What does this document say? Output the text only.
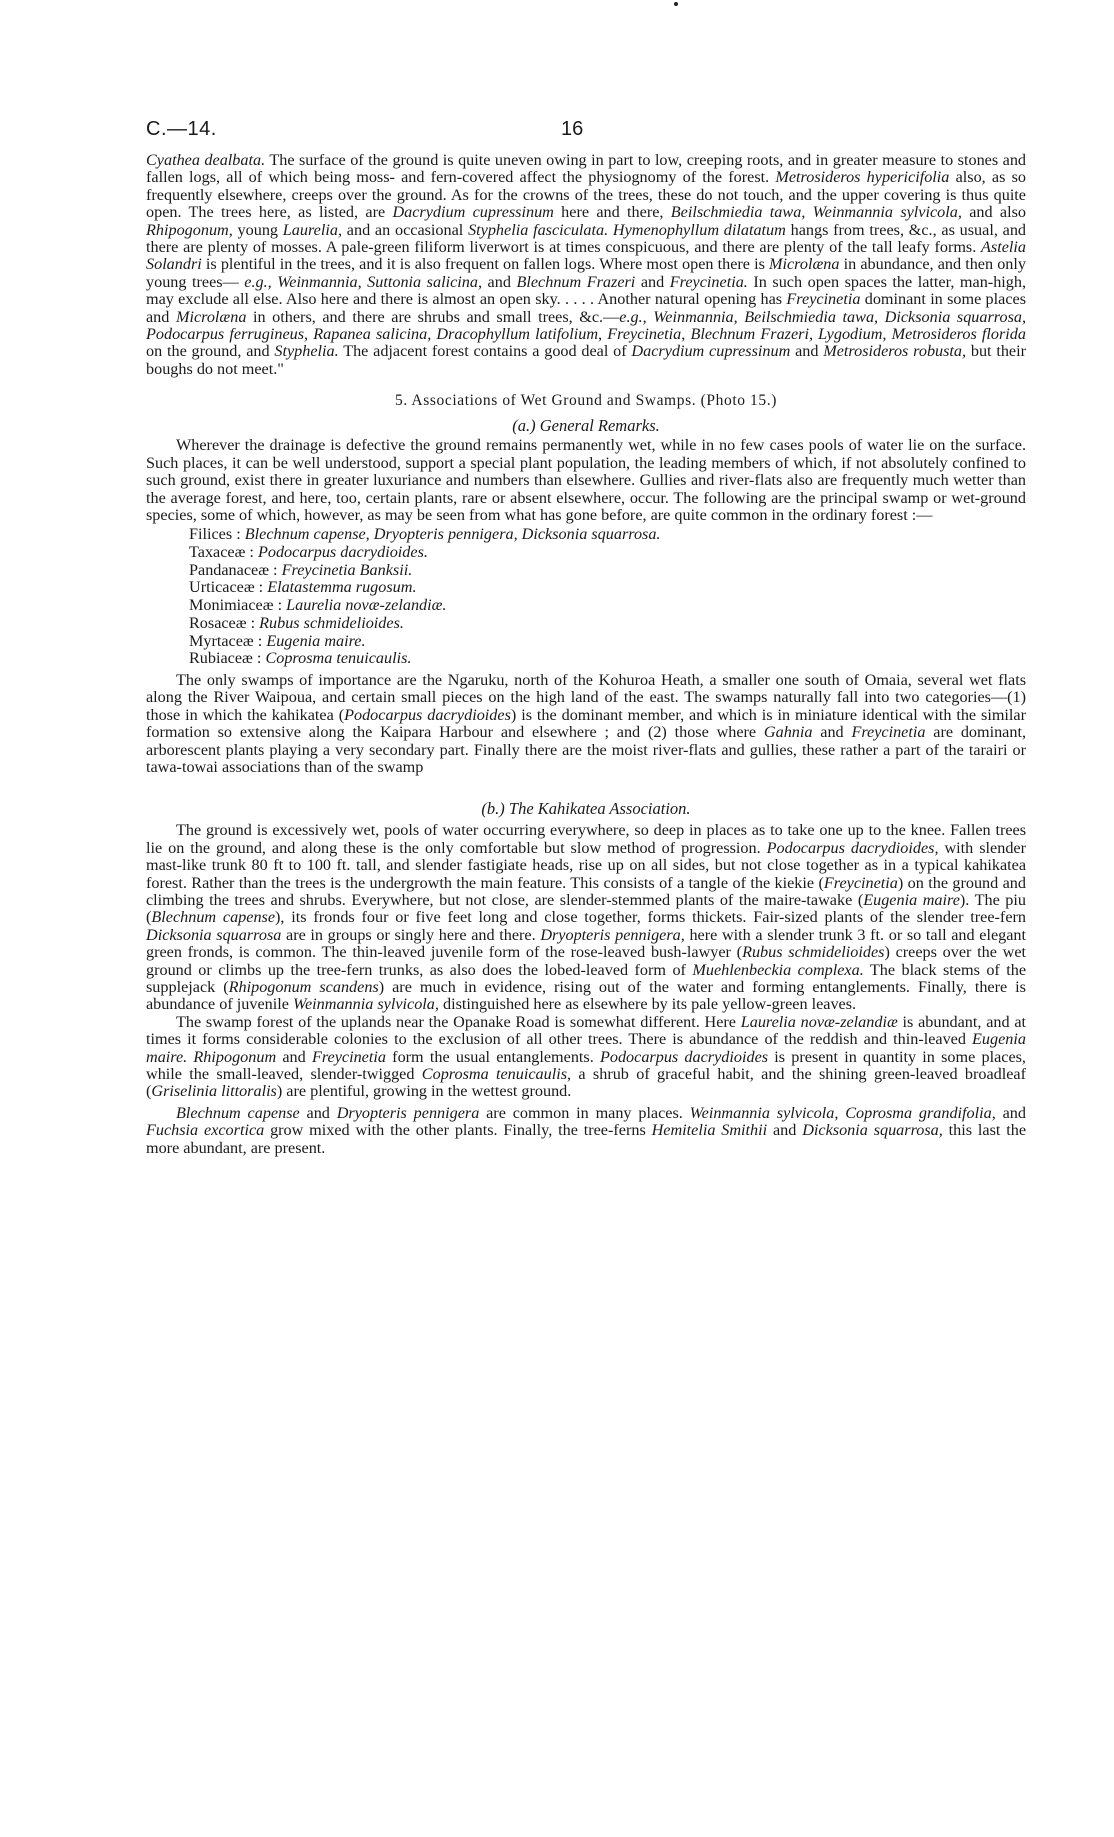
C.—14.	16

Cyathea dealbata. The surface of the ground is quite uneven owing in part to low, creeping roots, and in greater measure to stones and fallen logs, all of which being moss- and fern-covered affect the physiognomy of the forest. Metrosideros hypericifolia also, as so frequently elsewhere, creeps over the ground. As for the crowns of the trees, these do not touch, and the upper covering is thus quite open. The trees here, as listed, are Dacrydium cupressinum here and there, Beilschmiedia tawa, Weinmannia sylvicola, and also Rhipogonum, young Laurelia, and an occasional Styphelia fasciculata. Hymenophyllum dilatatum hangs from trees, &c., as usual, and there are plenty of mosses. A pale-green filiform liverwort is at times conspicuous, and there are plenty of the tall leafy forms. Astelia Solandri is plentiful in the trees, and it is also frequent on fallen logs. Where most open there is Microlæna in abundance, and then only young trees— e.g., Weinmannia, Suttonia salicina, and Blechnum Frazeri and Freycinetia. In such open spaces the latter, man-high, may exclude all else. Also here and there is almost an open sky. . . . . Another natural opening has Freycinetia dominant in some places and Microlæna in others, and there are shrubs and small trees, &c.—e.g., Weinmannia, Beilschmiedia tawa, Dicksonia squarrosa, Podocarpus ferrugineus, Rapanea salicina, Dracophyllum latifolium, Freycinetia, Blechnum Frazeri, Lygodium, Metrosideros florida on the ground, and Styphelia. The adjacent forest contains a good deal of Dacrydium cupressinum and Metrosideros robusta, but their boughs do not meet."

5. Associations of Wet Ground and Swamps. (Photo 15.)
(a.) General Remarks.

Wherever the drainage is defective the ground remains permanently wet, while in no few cases pools of water lie on the surface. Such places, it can be well understood, support a special plant population, the leading members of which, if not absolutely confined to such ground, exist there in greater luxuriance and numbers than elsewhere. Gullies and river-flats also are frequently much wetter than the average forest, and here, too, certain plants, rare or absent elsewhere, occur. The following are the principal swamp or wet-ground species, some of which, however, as may be seen from what has gone before, are quite common in the ordinary forest :—

Filices : Blechnum capense, Dryopteris pennigera, Dicksonia squarrosa.
Taxaceæ : Podocarpus dacrydioides.
Pandanaceæ : Freycinetia Banksii.
Urticaceæ : Elatastemma rugosum.
Monimiaceæ : Laurelia novæ-zelandiæ.
Rosaceæ : Rubus schmidelioides.
Myrtaceæ : Eugenia maire.
Rubiaceæ : Coprosma tenuicaulis.

The only swamps of importance are the Ngaruku, north of the Kohuroa Heath, a smaller one south of Omaia, several wet flats along the River Waipoua, and certain small pieces on the high land of the east. The swamps naturally fall into two categories—(1) those in which the kahikatea (Podocarpus dacrydioides) is the dominant member, and which is in miniature identical with the similar formation so extensive along the Kaipara Harbour and elsewhere ; and (2) those where Gahnia and Freycinetia are dominant, arborescent plants playing a very secondary part. Finally there are the moist river-flats and gullies, these rather a part of the tarairi or tawa-towai associations than of the swamp

(b.) The Kahikatea Association.

The ground is excessively wet, pools of water occurring everywhere, so deep in places as to take one up to the knee. Fallen trees lie on the ground, and along these is the only comfortable but slow method of progression. Podocarpus dacrydioides, with slender mast-like trunk 80 ft to 100 ft. tall, and slender fastigiate heads, rise up on all sides, but not close together as in a typical kahikatea forest. Rather than the trees is the undergrowth the main feature. This consists of a tangle of the kiekie (Freycinetia) on the ground and climbing the trees and shrubs. Everywhere, but not close, are slender-stemmed plants of the maire-tawake (Eugenia maire). The piu (Blechnum capense), its fronds four or five feet long and close together, forms thickets. Fair-sized plants of the slender tree-fern Dicksonia squarrosa are in groups or singly here and there. Dryopteris pennigera, here with a slender trunk 3 ft. or so tall and elegant green fronds, is common. The thin-leaved juvenile form of the rose-leaved bush-lawyer (Rubus schmidelioides) creeps over the wet ground or climbs up the tree-fern trunks, as also does the lobed-leaved form of Muehlenbeckia complexa. The black stems of the supplejack (Rhipogonum scandens) are much in evidence, rising out of the water and forming entanglements. Finally, there is abundance of juvenile Weinmannia sylvicola, distinguished here as elsewhere by its pale yellow-green leaves.

The swamp forest of the uplands near the Opanake Road is somewhat different. Here Laurelia novæ-zelandiæ is abundant, and at times it forms considerable colonies to the exclusion of all other trees. There is abundance of the reddish and thin-leaved Eugenia maire. Rhipogonum and Freycinetia form the usual entanglements. Podocarpus dacrydioides is present in quantity in some places, while the small-leaved, slender-twigged Coprosma tenuicaulis, a shrub of graceful habit, and the shining green-leaved broadleaf (Griselinia littoralis) are plentiful, growing in the wettest ground.

Blechnum capense and Dryopteris pennigera are common in many places. Weinmannia sylvicola, Coprosma grandifolia, and Fuchsia excortica grow mixed with the other plants. Finally, the tree-ferns Hemitelia Smithii and Dicksonia squarrosa, this last the more abundant, are present.
